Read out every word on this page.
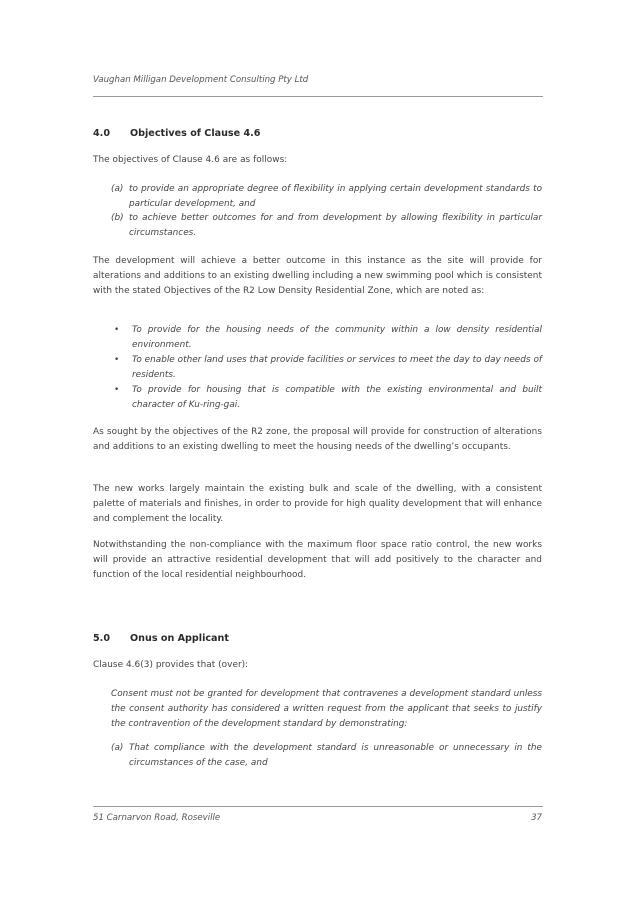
Vaughan Milligan Development Consulting Pty Ltd
4.0 Objectives of Clause 4.6
The objectives of Clause 4.6 are as follows:
(a) to provide an appropriate degree of flexibility in applying certain development standards to particular development, and
(b) to achieve better outcomes for and from development by allowing flexibility in particular circumstances.
The development will achieve a better outcome in this instance as the site will provide for alterations and additions to an existing dwelling including a new swimming pool which is consistent with the stated Objectives of the R2 Low Density Residential Zone, which are noted as:
•	To provide for the housing needs of the community within a low density residential environment.
•	To enable other land uses that provide facilities or services to meet the day to day needs of residents.
•	To provide for housing that is compatible with the existing environmental and built character of Ku-ring-gai.
As sought by the objectives of the R2 zone, the proposal will provide for construction of alterations and additions to an existing dwelling to meet the housing needs of the dwelling’s occupants.
The new works largely maintain the existing bulk and scale of the dwelling, with a consistent palette of materials and finishes, in order to provide for high quality development that will enhance and complement the locality.
Notwithstanding the non-compliance with the maximum floor space ratio control, the new works will provide an attractive residential development that will add positively to the character and function of the local residential neighbourhood.
5.0 Onus on Applicant
Clause 4.6(3) provides that (over):
Consent must not be granted for development that contravenes a development standard unless the consent authority has considered a written request from the applicant that seeks to justify the contravention of the development standard by demonstrating:
(a) That compliance with the development standard is unreasonable or unnecessary in the circumstances of the case, and
51 Carnarvon Road, Roseville	37
